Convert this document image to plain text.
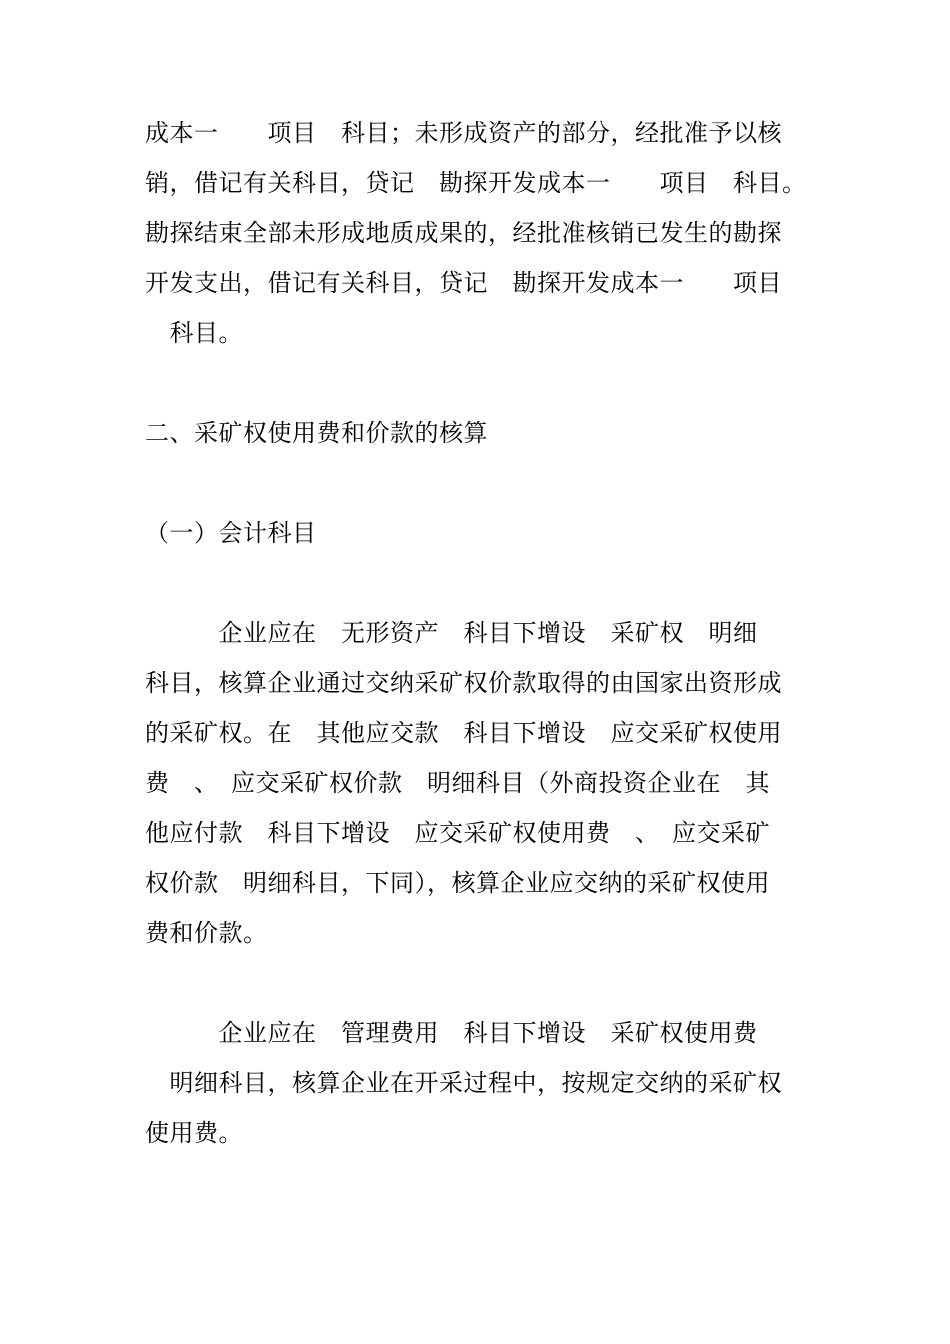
成本一　　项目　科目；未形成资产的部分，经批准予以核
销，借记有关科目，贷记　勘探开发成本一　　项目　科目。
勘探结束全部未形成地质成果的，经批准核销已发生的勘探
开发支出，借记有关科目，贷记　勘探开发成本一　　项目
　科目。
二、采矿权使用费和价款的核算
（一）会计科目
　　　企业应在　无形资产　科目下增设　采矿权　明细
科目，核算企业通过交纳采矿权价款取得的由国家出资形成
的采矿权。在　其他应交款　科目下增设　应交采矿权使用
费　、　应交采矿权价款　明细科目（外商投资企业在　其
他应付款　科目下增设　应交采矿权使用费　、　应交采矿
权价款　明细科目，下同），核算企业应交纳的采矿权使用
费和价款。
　　　企业应在　管理费用　科目下增设　采矿权使用费
　明细科目，核算企业在开采过程中，按规定交纳的采矿权
使用费。
